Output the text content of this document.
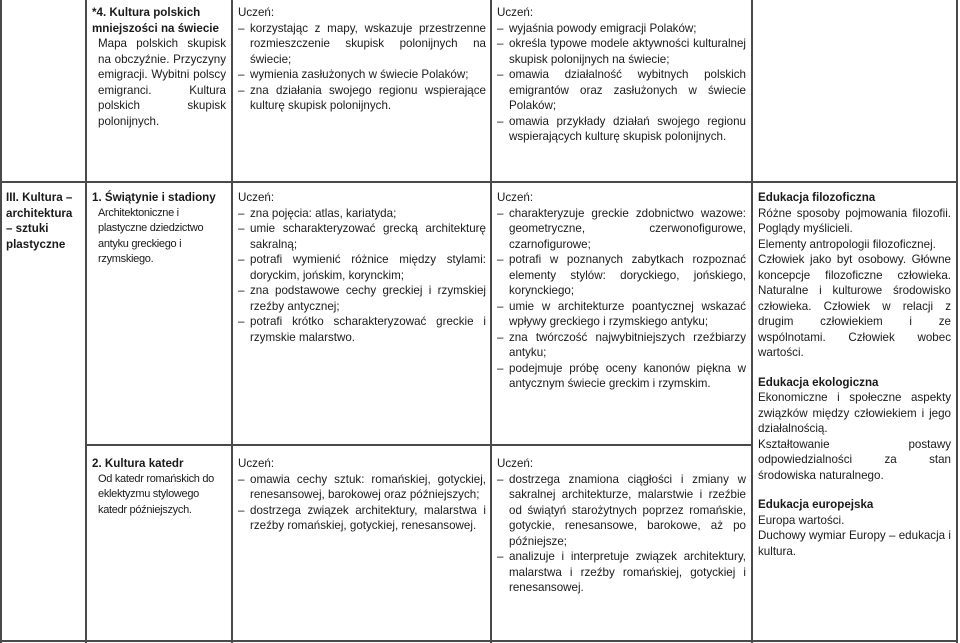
*4. Kultura polskich mniejszości na świecie
Mapa polskich skupisk na obczyźnie. Przyczyny emigracji. Wybitni polscy emigranci. Kultura polskich skupisk polonijnych.
Uczeń:
– korzystając z mapy, wskazuje przestrzenne rozmieszczenie skupisk polonijnych na świecie;
– wymienia zasłużonych w świecie Polaków;
– zna działania swojego regionu wspierające kulturę skupisk polonijnych.
Uczeń:
– wyjaśnia powody emigracji Polaków;
– określa typowe modele aktywności kulturalnej skupisk polonijnych na świecie;
– omawia działalność wybitnych polskich emigrantów oraz zasłużonych w świecie Polaków;
– omawia przykłady działań swojego regionu wspierających kulturę skupisk polonijnych.
III. Kultura – architektura – sztuki plastyczne
1. Świątynie i stadiony
Architektoniczne i plastyczne dziedzictwo antyku greckiego i rzymskiego.
Uczeń:
– zna pojęcia: atlas, kariatyda;
– umie scharakteryzować grecką architekturę sakralną;
– potrafi wymienić różnice między stylami: doryckim, jońskim, korynckim;
– zna podstawowe cechy greckiej i rzymskiej rzeźby antycznej;
– potrafi krótko scharakteryzować greckie i rzymskie malarstwo.
Uczeń:
– charakteryzuje greckie zdobnictwo wazowe: geometryczne, czerwonofigurowe, czarnofigurowe;
– potrafi w poznanych zabytkach rozpoznać elementy stylów: doryckiego, jońskiego, korynckiego;
– umie w architekturze poantycznej wskazać wpływy greckiego i rzymskiego antyku;
– zna twórczość najwybitniejszych rzeźbiarzy antyku;
– podejmuje próbę oceny kanonów piękna w antycznym świecie greckim i rzymskim.
2. Kultura katedr
Od katedr romańskich do eklektyzmu stylowego katedr późniejszych.
Uczeń:
– omawia cechy sztuk: romańskiej, gotyckiej, renesansowej, barokowej oraz późniejszych;
– dostrzega związek architektury, malarstwa i rzeźby romańskiej, gotyckiej, renesansowej.
Uczeń:
– dostrzega znamiona ciągłości i zmiany w sakralnej architekturze, malarstwie i rzeźbie od świątyń starożytnych poprzez romańskie, gotyckie, renesansowe, barokowe, aż po późniejsze;
– analizuje i interpretuje związek architektury, malarstwa i rzeźby romańskiej, gotyckiej i renesansowej.
Edukacja filozoficzna
Różne sposoby pojmowania filozofii. Poglądy myślicieli.
Elementy antropologii filozoficznej.
Człowiek jako byt osobowy. Główne koncepcje filozoficzne człowieka. Naturalne i kulturowe środowisko człowieka. Człowiek w relacji z drugim człowiekiem i ze wspólnotami. Człowiek wobec wartości.
Edukacja ekologiczna
Ekonomiczne i społeczne aspekty związków między człowiekiem i jego działalnością.
Kształtowanie postawy odpowiedzialności za stan środowiska naturalnego.
Edukacja europejska
Europa wartości.
Duchowy wymiar Europy – edukacja i kultura.
